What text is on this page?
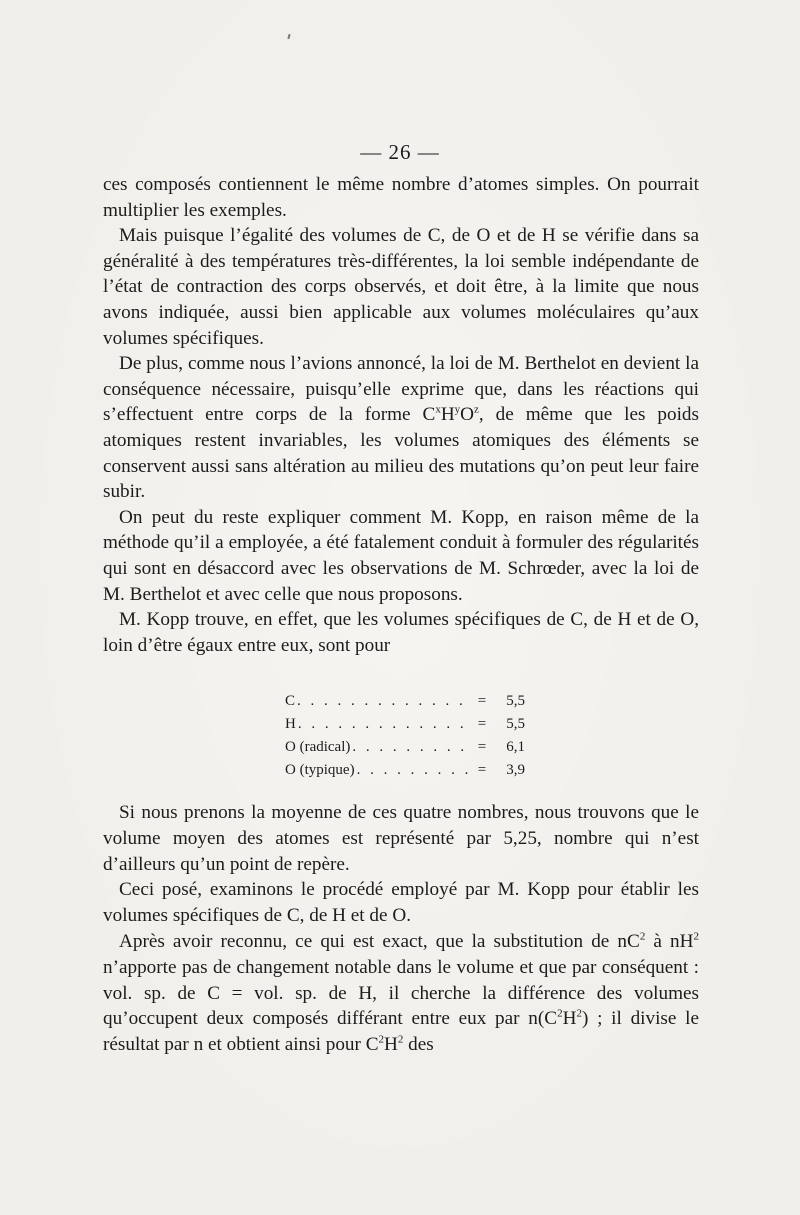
— 26 —

ces composés contiennent le même nombre d’atomes simples. On pourrait multiplier les exemples.

Mais puisque l’égalité des volumes de C, de O et de H se vérifie dans sa généralité à des températures très-différentes, la loi semble indépendante de l’état de contraction des corps observés, et doit être, à la limite que nous avons indiquée, aussi bien applicable aux volumes moléculaires qu’aux volumes spécifiques.

De plus, comme nous l’avions annoncé, la loi de M. Berthelot en devient la conséquence nécessaire, puisqu’elle exprime que, dans les réactions qui s’effectuent entre corps de la forme $C^xH^yO^z$, de même que les poids atomiques restent invariables, les volumes atomiques des éléments se conservent aussi sans altération au milieu des mutations qu’on peut leur faire subir.

On peut du reste expliquer comment M. Kopp, en raison même de la méthode qu’il a employée, a été fatalement conduit à formuler des régularités qui sont en désaccord avec les observations de M. Schrœder, avec la loi de M. Berthelot et avec celle que nous proposons.

M. Kopp trouve, en effet, que les volumes spécifiques de C, de H et de O, loin d’être égaux entre eux, sont pour

C . . .	=	5,5
H . . .	=	5,5
O (radical) . . .	=	6,1
O (typique) . . .	=	3,9

Si nous prenons la moyenne de ces quatre nombres, nous trouvons que le volume moyen des atomes est représenté par 5,25, nombre qui n’est d’ailleurs qu’un point de repère.

Ceci posé, examinons le procédé employé par M. Kopp pour établir les volumes spécifiques de C, de H et de O.

Après avoir reconnu, ce qui est exact, que la substitution de $nC^2$ à $nH^2$ n’apporte pas de changement notable dans le volume et que par conséquent : vol. sp. de C = vol. sp. de H, il cherche la différence des volumes qu’occupent deux composés différant entre eux par $n(C^2H^2)$ ; il divise le résultat par n et obtient ainsi pour $C^2H^2$ des
